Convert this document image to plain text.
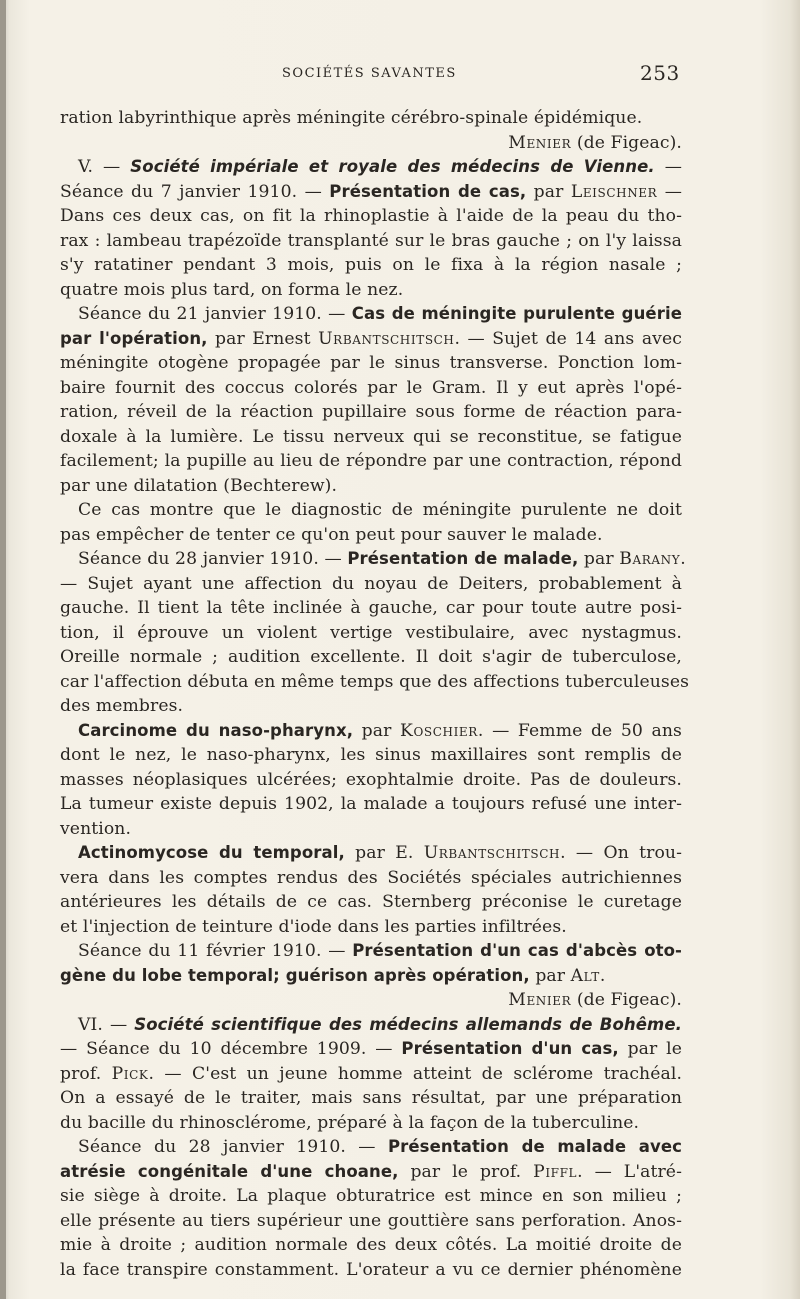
SOCIÉTÉS SAVANTES	253
ration labyrinthique après méningite cérébro-spinale épidémique.
Menier (de Figeac).
V. — Société impériale et royale des médecins de Vienne. —
Séance du 7 janvier 1910. — Présentation de cas, par Leischner —
Dans ces deux cas, on fit la rhinoplastie à l'aide de la peau du tho-
rax : lambeau trapézoïde transplanté sur le bras gauche ; on l'y laissa
s'y ratatiner pendant 3 mois, puis on le fixa à la région nasale ;
quatre mois plus tard, on forma le nez.
Séance du 21 janvier 1910. — Cas de méningite purulente guérie
par l'opération, par Ernest Urbantschitsch. — Sujet de 14 ans avec
méningite otogène propagée par le sinus transverse. Ponction lom-
baire fournit des coccus colorés par le Gram. Il y eut après l'opé-
ration, réveil de la réaction pupillaire sous forme de réaction para-
doxale à la lumière. Le tissu nerveux qui se reconstitue, se fatigue
facilement; la pupille au lieu de répondre par une contraction, répond
par une dilatation (Bechterew).
Ce cas montre que le diagnostic de méningite purulente ne doit
pas empêcher de tenter ce qu'on peut pour sauver le malade.
Séance du 28 janvier 1910. — Présentation de malade, par Barany.
— Sujet ayant une affection du noyau de Deiters, probablement à
gauche. Il tient la tête inclinée à gauche, car pour toute autre posi-
tion, il éprouve un violent vertige vestibulaire, avec nystagmus.
Oreille normale ; audition excellente. Il doit s'agir de tuberculose,
car l'affection débuta en même temps que des affections tuberculeuses
des membres.
Carcinome du naso-pharynx, par Koschier. — Femme de 50 ans
dont le nez, le naso-pharynx, les sinus maxillaires sont remplis de
masses néoplasiques ulcérées; exophtalmie droite. Pas de douleurs.
La tumeur existe depuis 1902, la malade a toujours refusé une inter-
vention.
Actinomycose du temporal, par E. Urbantschitsch. — On trou-
vera dans les comptes rendus des Sociétés spéciales autrichiennes
antérieures les détails de ce cas. Sternberg préconise le curetage
et l'injection de teinture d'iode dans les parties infiltrées.
Séance du 11 février 1910. — Présentation d'un cas d'abcès oto-
gène du lobe temporal; guérison après opération, par Alt.
Menier (de Figeac).
VI. — Société scientifique des médecins allemands de Bohême.
— Séance du 10 décembre 1909. — Présentation d'un cas, par le
prof. Pick. — C'est un jeune homme atteint de sclérome trachéal.
On a essayé de le traiter, mais sans résultat, par une préparation
du bacille du rhinosclérome, préparé à la façon de la tuberculine.
Séance du 28 janvier 1910. — Présentation de malade avec
atrésie congénitale d'une choane, par le prof. Piffl. — L'atré-
sie siège à droite. La plaque obturatrice est mince en son milieu ;
elle présente au tiers supérieur une gouttière sans perforation. Anos-
mie à droite ; audition normale des deux côtés. La moitié droite de
la face transpire constamment. L'orateur a vu ce dernier phénomène
